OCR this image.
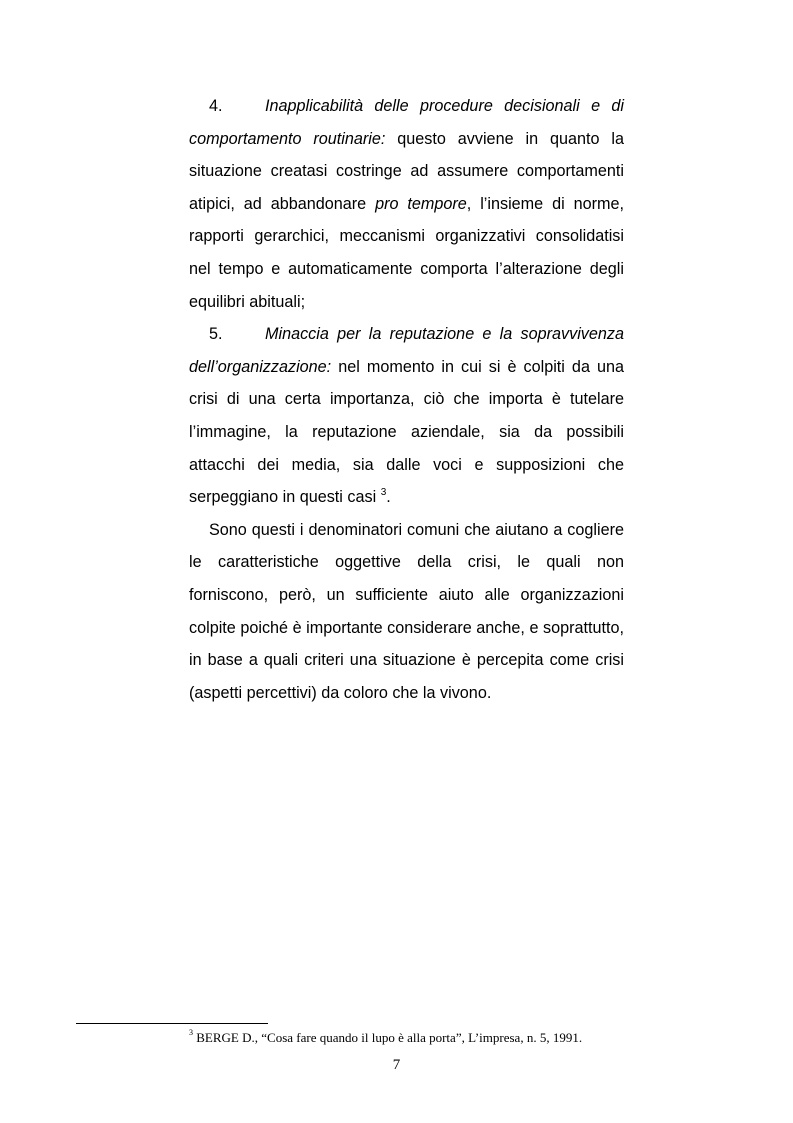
4.	Inapplicabilità delle procedure decisionali e di comportamento routinarie: questo avviene in quanto la situazione creatasi costringe ad assumere comportamenti atipici, ad abbandonare pro tempore, l’insieme di norme, rapporti gerarchici, meccanismi organizzativi consolidatisi nel tempo e automaticamente comporta l’alterazione degli equilibri abituali;

5.	Minaccia per la reputazione e la sopravvivenza dell’organizzazione: nel momento in cui si è colpiti da una crisi di una certa importanza, ciò che importa è tutelare l’immagine, la reputazione aziendale, sia da possibili attacchi dei media, sia dalle voci e supposizioni che serpeggiano in questi casi $^3$.

Sono questi i denominatori comuni che aiutano a cogliere le caratteristiche oggettive della crisi, le quali non forniscono, però, un sufficiente aiuto alle organizzazioni colpite poiché è importante considerare anche, e soprattutto, in base a quali criteri una situazione è percepita come crisi (aspetti percettivi) da coloro che la vivono.

$^3$ BERGE D., “Cosa fare quando il lupo è alla porta”, L’impresa, n. 5, 1991.
7
